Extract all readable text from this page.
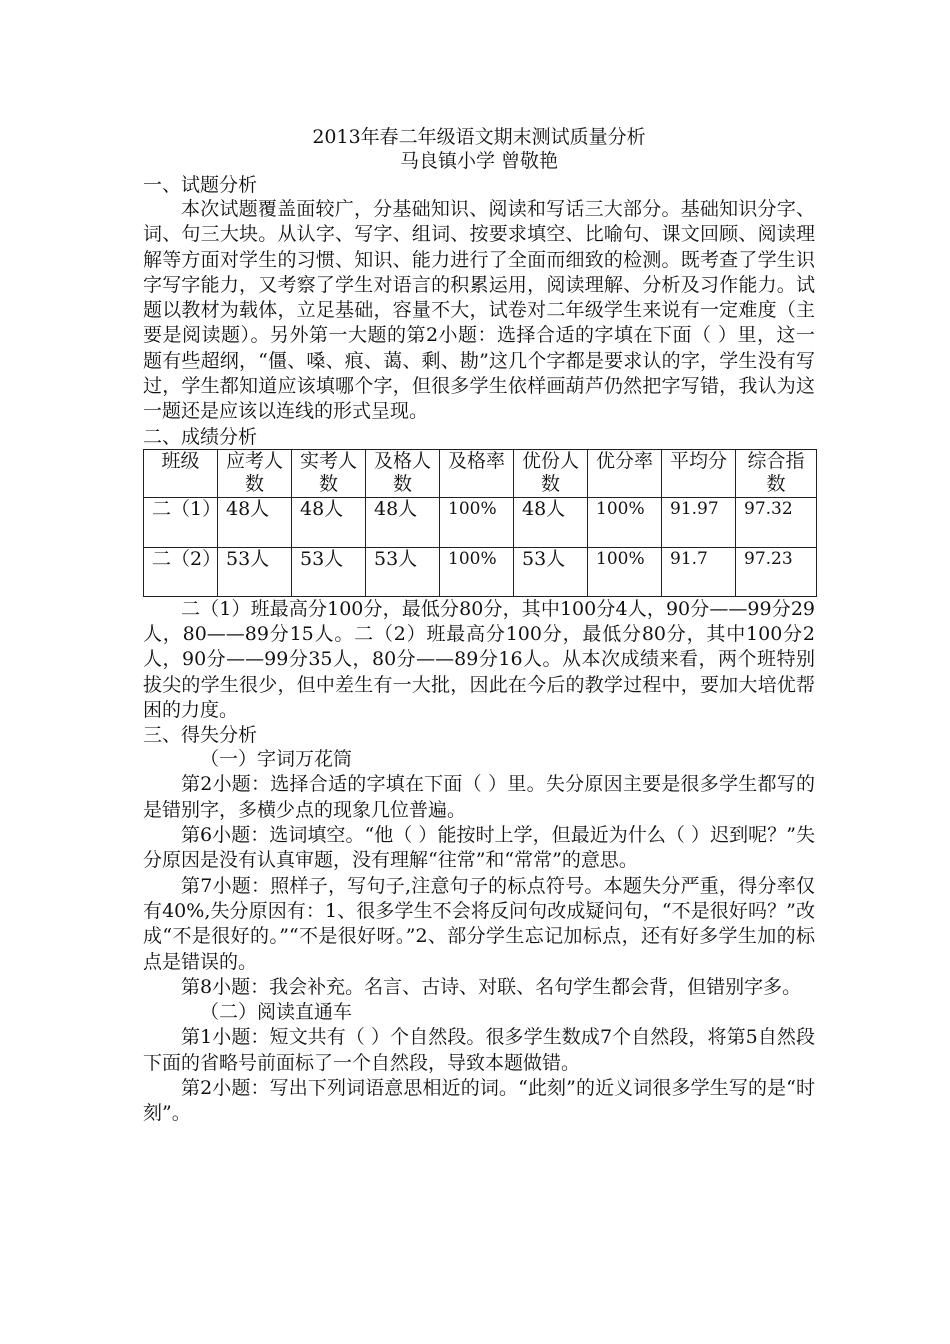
2013年春二年级语文期末测试质量分析
马良镇小学 曾敬艳

一、试题分析

本次试题覆盖面较广，分基础知识、阅读和写话三大部分。基础知识分字、词、句三大块。从认字、写字、组词、按要求填空、比喻句、课文回顾、阅读理解等方面对学生的习惯、知识、能力进行了全面而细致的检测。既考查了学生识字写字能力，又考察了学生对语言的积累运用，阅读理解、分析及习作能力。试题以教材为载体，立足基础，容量不大，试卷对二年级学生来说有一定难度（主要是阅读题）。另外第一大题的第2小题：选择合适的字填在下面（ ）里，这一题有些超纲，“僵、嗓、痕、蔼、剩、勘”这几个字都是要求认的字，学生没有写过，学生都知道应该填哪个字，但很多学生依样画葫芦仍然把字写错，我认为这一题还是应该以连线的形式呈现。

二、成绩分析

班级	应考人数	实考人数	及格人数	及格率	优份人数	优分率	平均分	综合指数
二（1）	48人	48人	48人	100%	48人	100%	91.97	97.32
二（2）	53人	53人	53人	100%	53人	100%	91.7	97.23

二（1）班最高分100分，最低分80分，其中100分4人，90分——99分29人，80——89分15人。二（2）班最高分100分，最低分80分，其中100分2人，90分——99分35人，80分——89分16人。从本次成绩来看，两个班特别拔尖的学生很少，但中差生有一大批，因此在今后的教学过程中，要加大培优帮困的力度。

三、得失分析

（一）字词万花筒

第2小题：选择合适的字填在下面（ ）里。失分原因主要是很多学生都写的是错别字，多横少点的现象几位普遍。

第6小题：选词填空。“他（ ）能按时上学，但最近为什么（ ）迟到呢？”失分原因是没有认真审题，没有理解“往常”和“常常”的意思。

第7小题：照样子，写句子,注意句子的标点符号。本题失分严重，得分率仅有40%,失分原因有：1、很多学生不会将反问句改成疑问句，“不是很好吗？”改成“不是很好的。”“不是很好呀。”2、部分学生忘记加标点，还有好多学生加的标点是错误的。

第8小题：我会补充。名言、古诗、对联、名句学生都会背，但错别字多。

（二）阅读直通车

第1小题：短文共有（ ）个自然段。很多学生数成7个自然段，将第5自然段下面的省略号前面标了一个自然段，导致本题做错。

第2小题：写出下列词语意思相近的词。“此刻”的近义词很多学生写的是“时刻”。
